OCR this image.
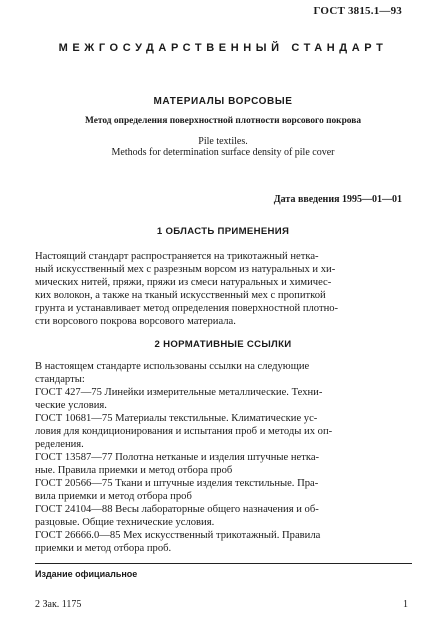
ГОСТ 3815.1—93
МЕЖГОСУДАРСТВЕННЫЙ СТАНДАРТ
МАТЕРИАЛЫ ВОРСОВЫЕ
Метод определения поверхностной плотности ворсового покрова
Pile textiles.
Methods for determination surface density of pile cover
Дата введения 1995—01—01
1 ОБЛАСТЬ ПРИМЕНЕНИЯ
Настоящий стандарт распространяется на трикотажный нетка-
ный искусственный мех с разрезным ворсом из натуральных и хи-
мических нитей, пряжи, пряжи из смеси натуральных и химичес-
ких волокон, а также на тканый искусственный мех с пропиткой
грунта и устанавливает метод определения поверхностной плотно-
сти ворсового покрова ворсового материала.
2 НОРМАТИВНЫЕ ССЫЛКИ
В настоящем стандарте использованы ссылки на следующие
стандарты:
ГОСТ 427—75 Линейки измерительные металлические. Техни-
ческие условия.
ГОСТ 10681—75 Материалы текстильные. Климатические ус-
ловия для кондиционирования и испытания проб и методы их оп-
ределения.
ГОСТ 13587—77 Полотна нетканые и изделия штучные нетка-
ные. Правила приемки и метод отбора проб
ГОСТ 20566—75 Ткани и штучные изделия текстильные. Пра-
вила приемки и метод отбора проб
ГОСТ 24104—88 Весы лабораторные общего назначения и об-
разцовые. Общие технические условия.
ГОСТ 26666.0—85 Мех искусственный трикотажный. Правила
приемки и метод отбора проб.
Издание официальное
2 Зак. 1175	1
